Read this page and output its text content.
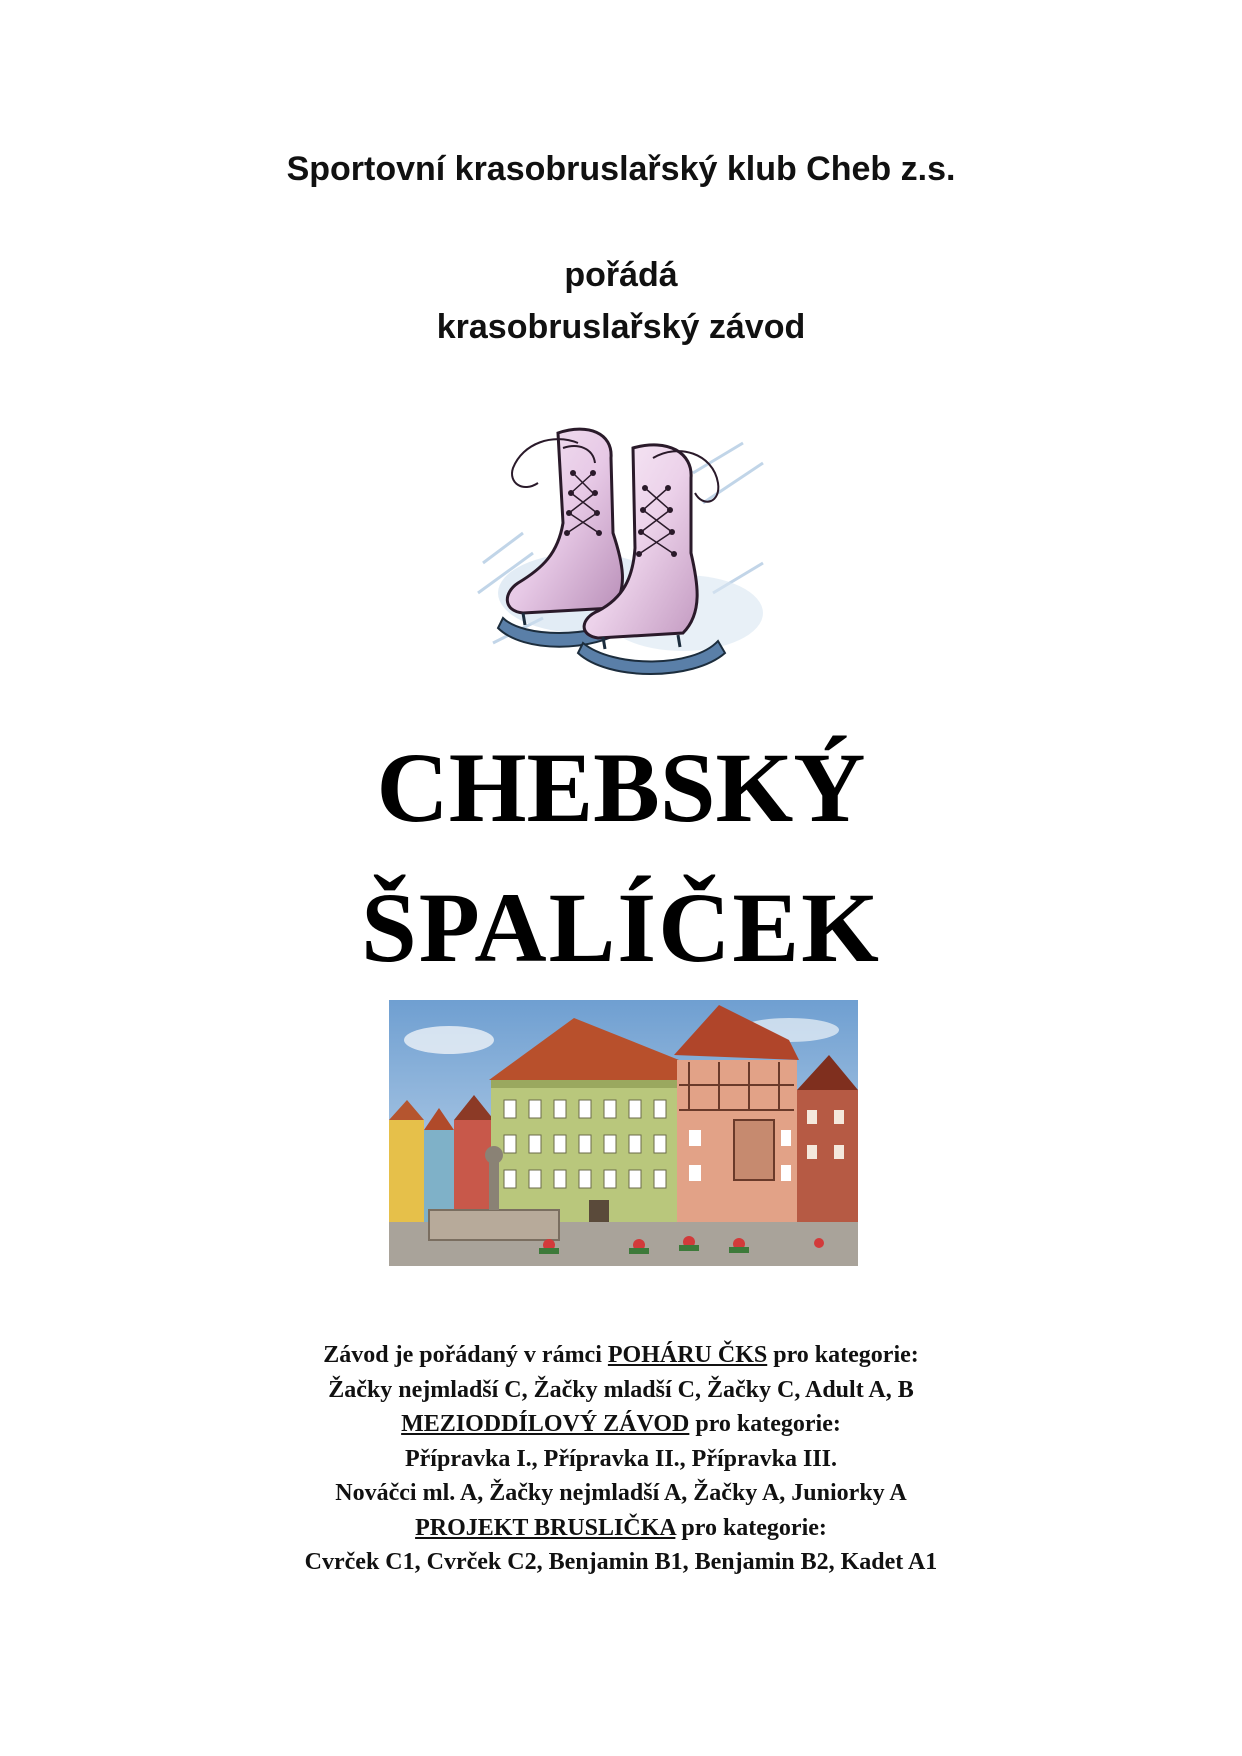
Sportovní krasobruslařský klub Cheb z.s.
pořádá
krasobruslařský závod
CHEBSKÝ
ŠPALÍČEK
Závod je pořádaný v rámci POHÁRU ČKS pro kategorie:
Žačky nejmladší C, Žačky mladší C, Žačky C, Adult A, B
MEZIODDÍLOVÝ ZÁVOD pro kategorie:
Přípravka I., Přípravka II., Přípravka III.
Nováčci ml. A, Žačky nejmladší A, Žačky A, Juniorky A
PROJEKT BRUSLIČKA pro kategorie:
Cvrček C1, Cvrček C2, Benjamin B1, Benjamin B2, Kadet A1
